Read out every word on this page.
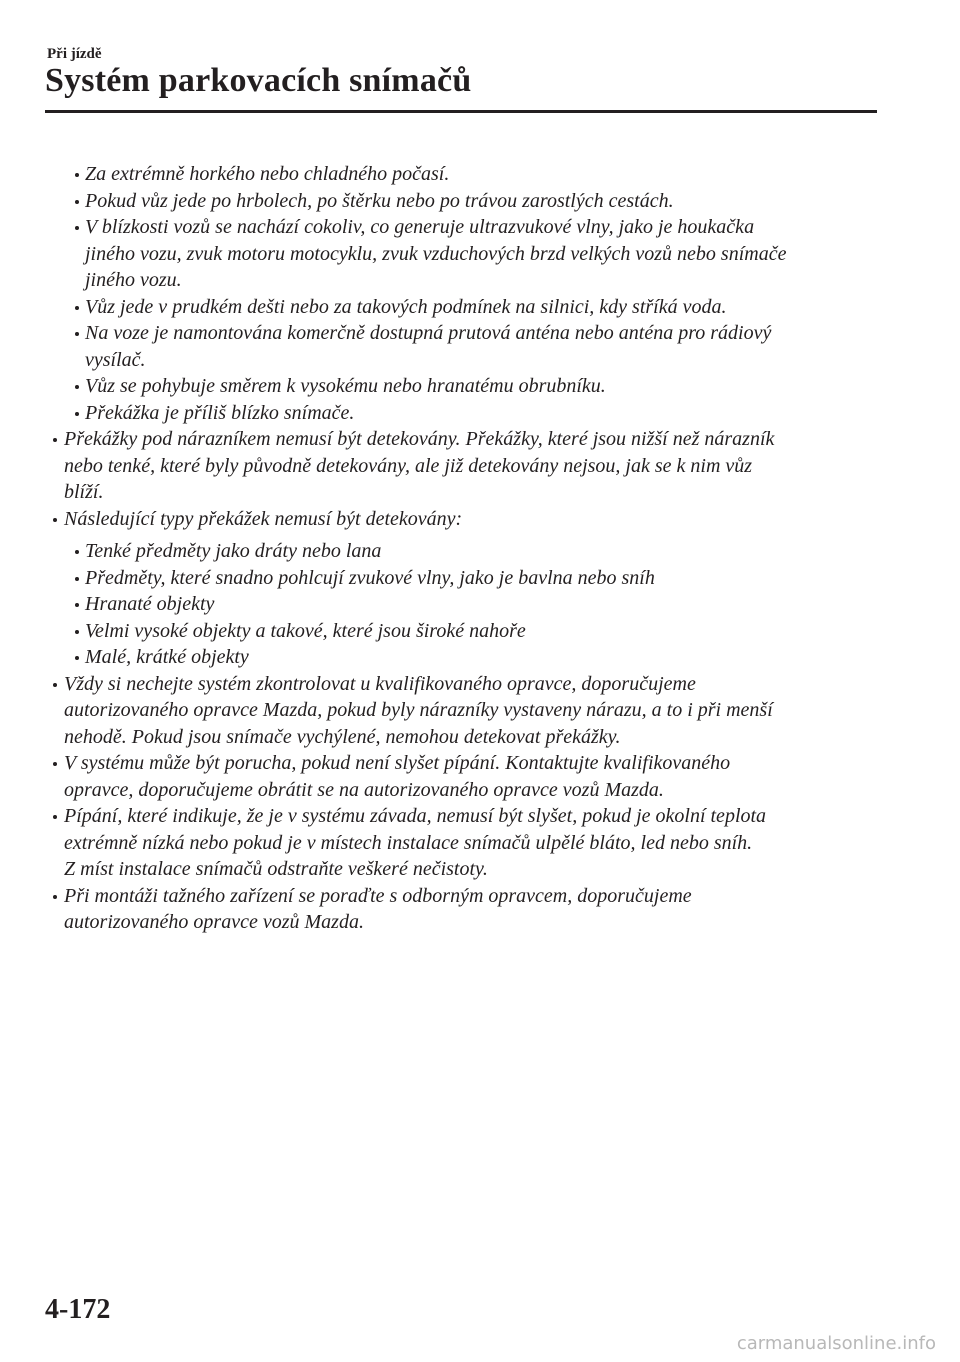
Při jízdě
Systém parkovacích snímačů
Za extrémně horkého nebo chladného počasí.
Pokud vůz jede po hrbolech, po štěrku nebo po trávou zarostlých cestách.
V blízkosti vozů se nachází cokoliv, co generuje ultrazvukové vlny, jako je houkačka
jiného vozu, zvuk motoru motocyklu, zvuk vzduchových brzd velkých vozů nebo snímače
jiného vozu.
Vůz jede v prudkém dešti nebo za takových podmínek na silnici, kdy stříká voda.
Na voze je namontována komerčně dostupná prutová anténa nebo anténa pro rádiový
vysílač.
Vůz se pohybuje směrem k vysokému nebo hranatému obrubníku.
Překážka je příliš blízko snímače.
Překážky pod nárazníkem nemusí být detekovány. Překážky, které jsou nižší než nárazník
nebo tenké, které byly původně detekovány, ale již detekovány nejsou, jak se k nim vůz
blíží.
Následující typy překážek nemusí být detekovány:
Tenké předměty jako dráty nebo lana
Předměty, které snadno pohlcují zvukové vlny, jako je bavlna nebo sníh
Hranaté objekty
Velmi vysoké objekty a takové, které jsou široké nahoře
Malé, krátké objekty
Vždy si nechejte systém zkontrolovat u kvalifikovaného opravce, doporučujeme
autorizovaného opravce Mazda, pokud byly nárazníky vystaveny nárazu, a to i při menší
nehodě. Pokud jsou snímače vychýlené, nemohou detekovat překážky.
V systému může být porucha, pokud není slyšet pípání. Kontaktujte kvalifikovaného
opravce, doporučujeme obrátit se na autorizovaného opravce vozů Mazda.
Pípání, které indikuje, že je v systému závada, nemusí být slyšet, pokud je okolní teplota
extrémně nízká nebo pokud je v místech instalace snímačů ulpělé bláto, led nebo sníh.
Z míst instalace snímačů odstraňte veškeré nečistoty.
Při montáži tažného zařízení se poraďte s odborným opravcem, doporučujeme
autorizovaného opravce vozů Mazda.
4-172
carmanualsonline.info
